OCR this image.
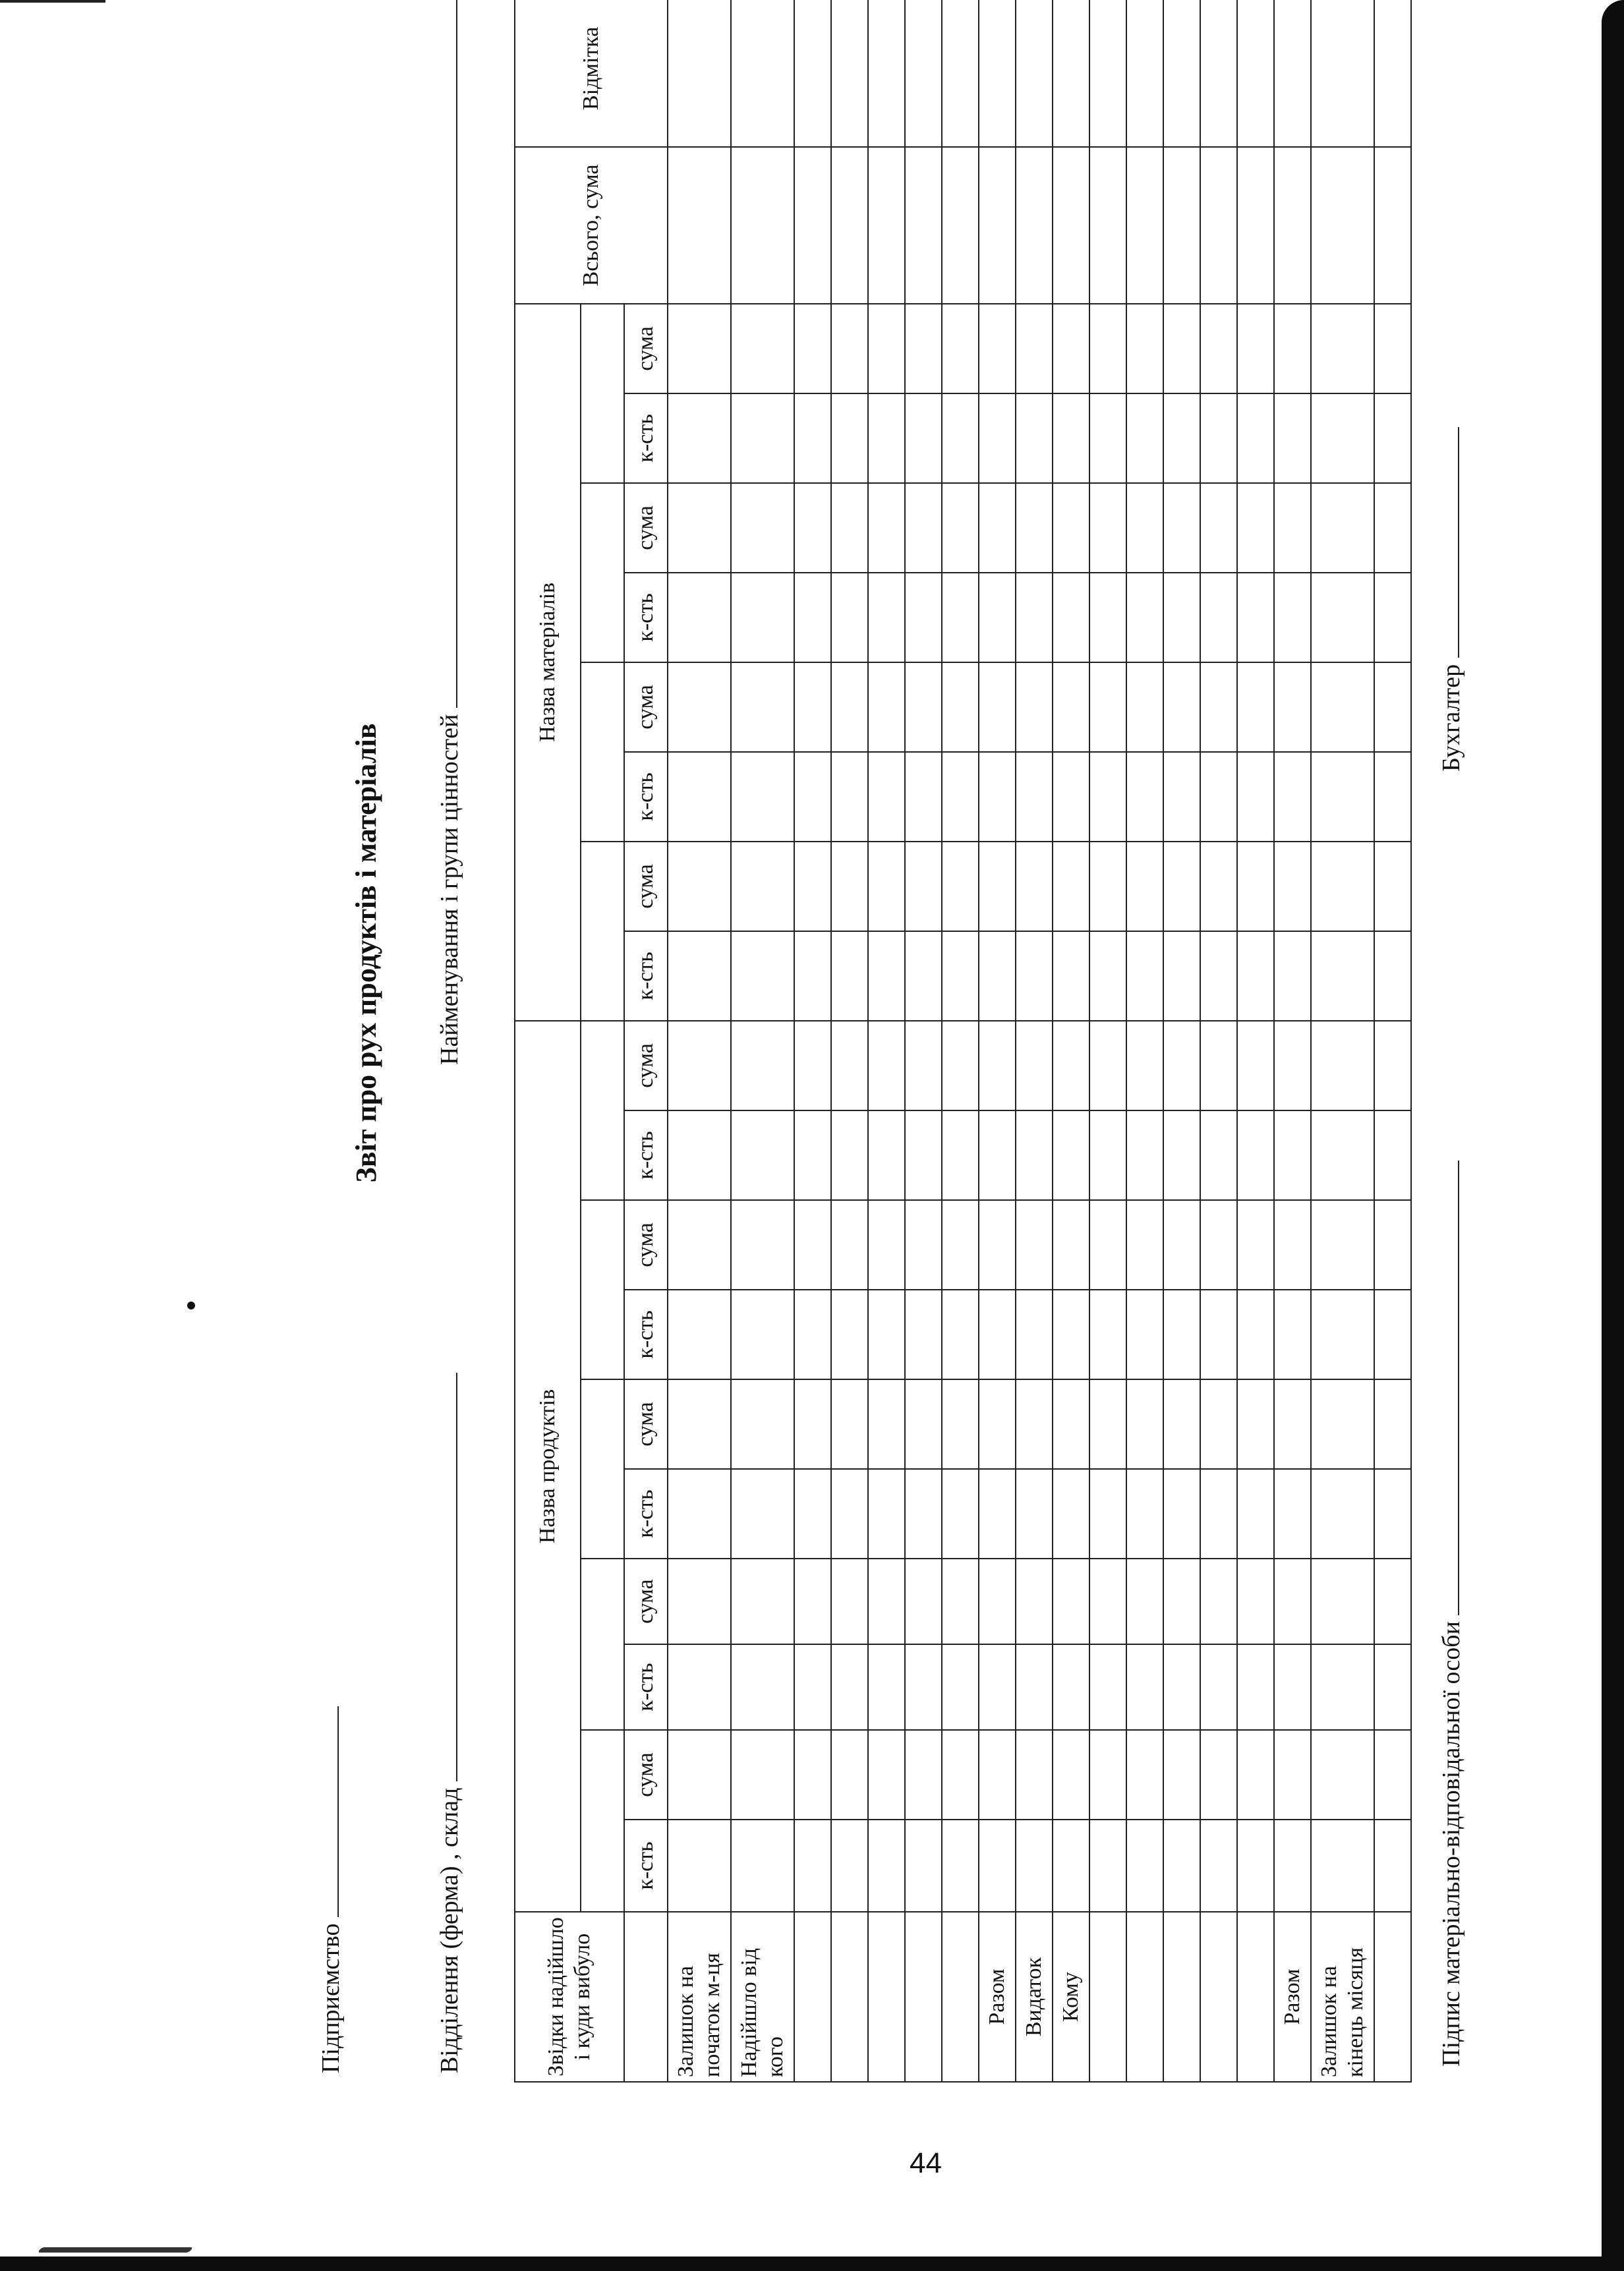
Підприємство
Звіт про рух продуктів і матеріалів
Відділення (ферма) , склад
Найменування і групи цінностей
Звідки надійшло і куди вибуло	Назва продуктів										Назва матеріалів								Всього, сума	Відмітка

	к-сть	сума	к-сть	сума	к-сть	сума	к-сть	сума	к-сть	сума	к-сть	сума	к-сть	сума	к-сть	сума	к-сть	сума		
Залишок на початок м-ця																				
Надійшло від кого																				

Разом																				
Видаток																				
Кому																				

Разом																				
Залишок на кінець місяця																				
																					Підпис матеріально-відповідальної особи
Бухгалтер
44
